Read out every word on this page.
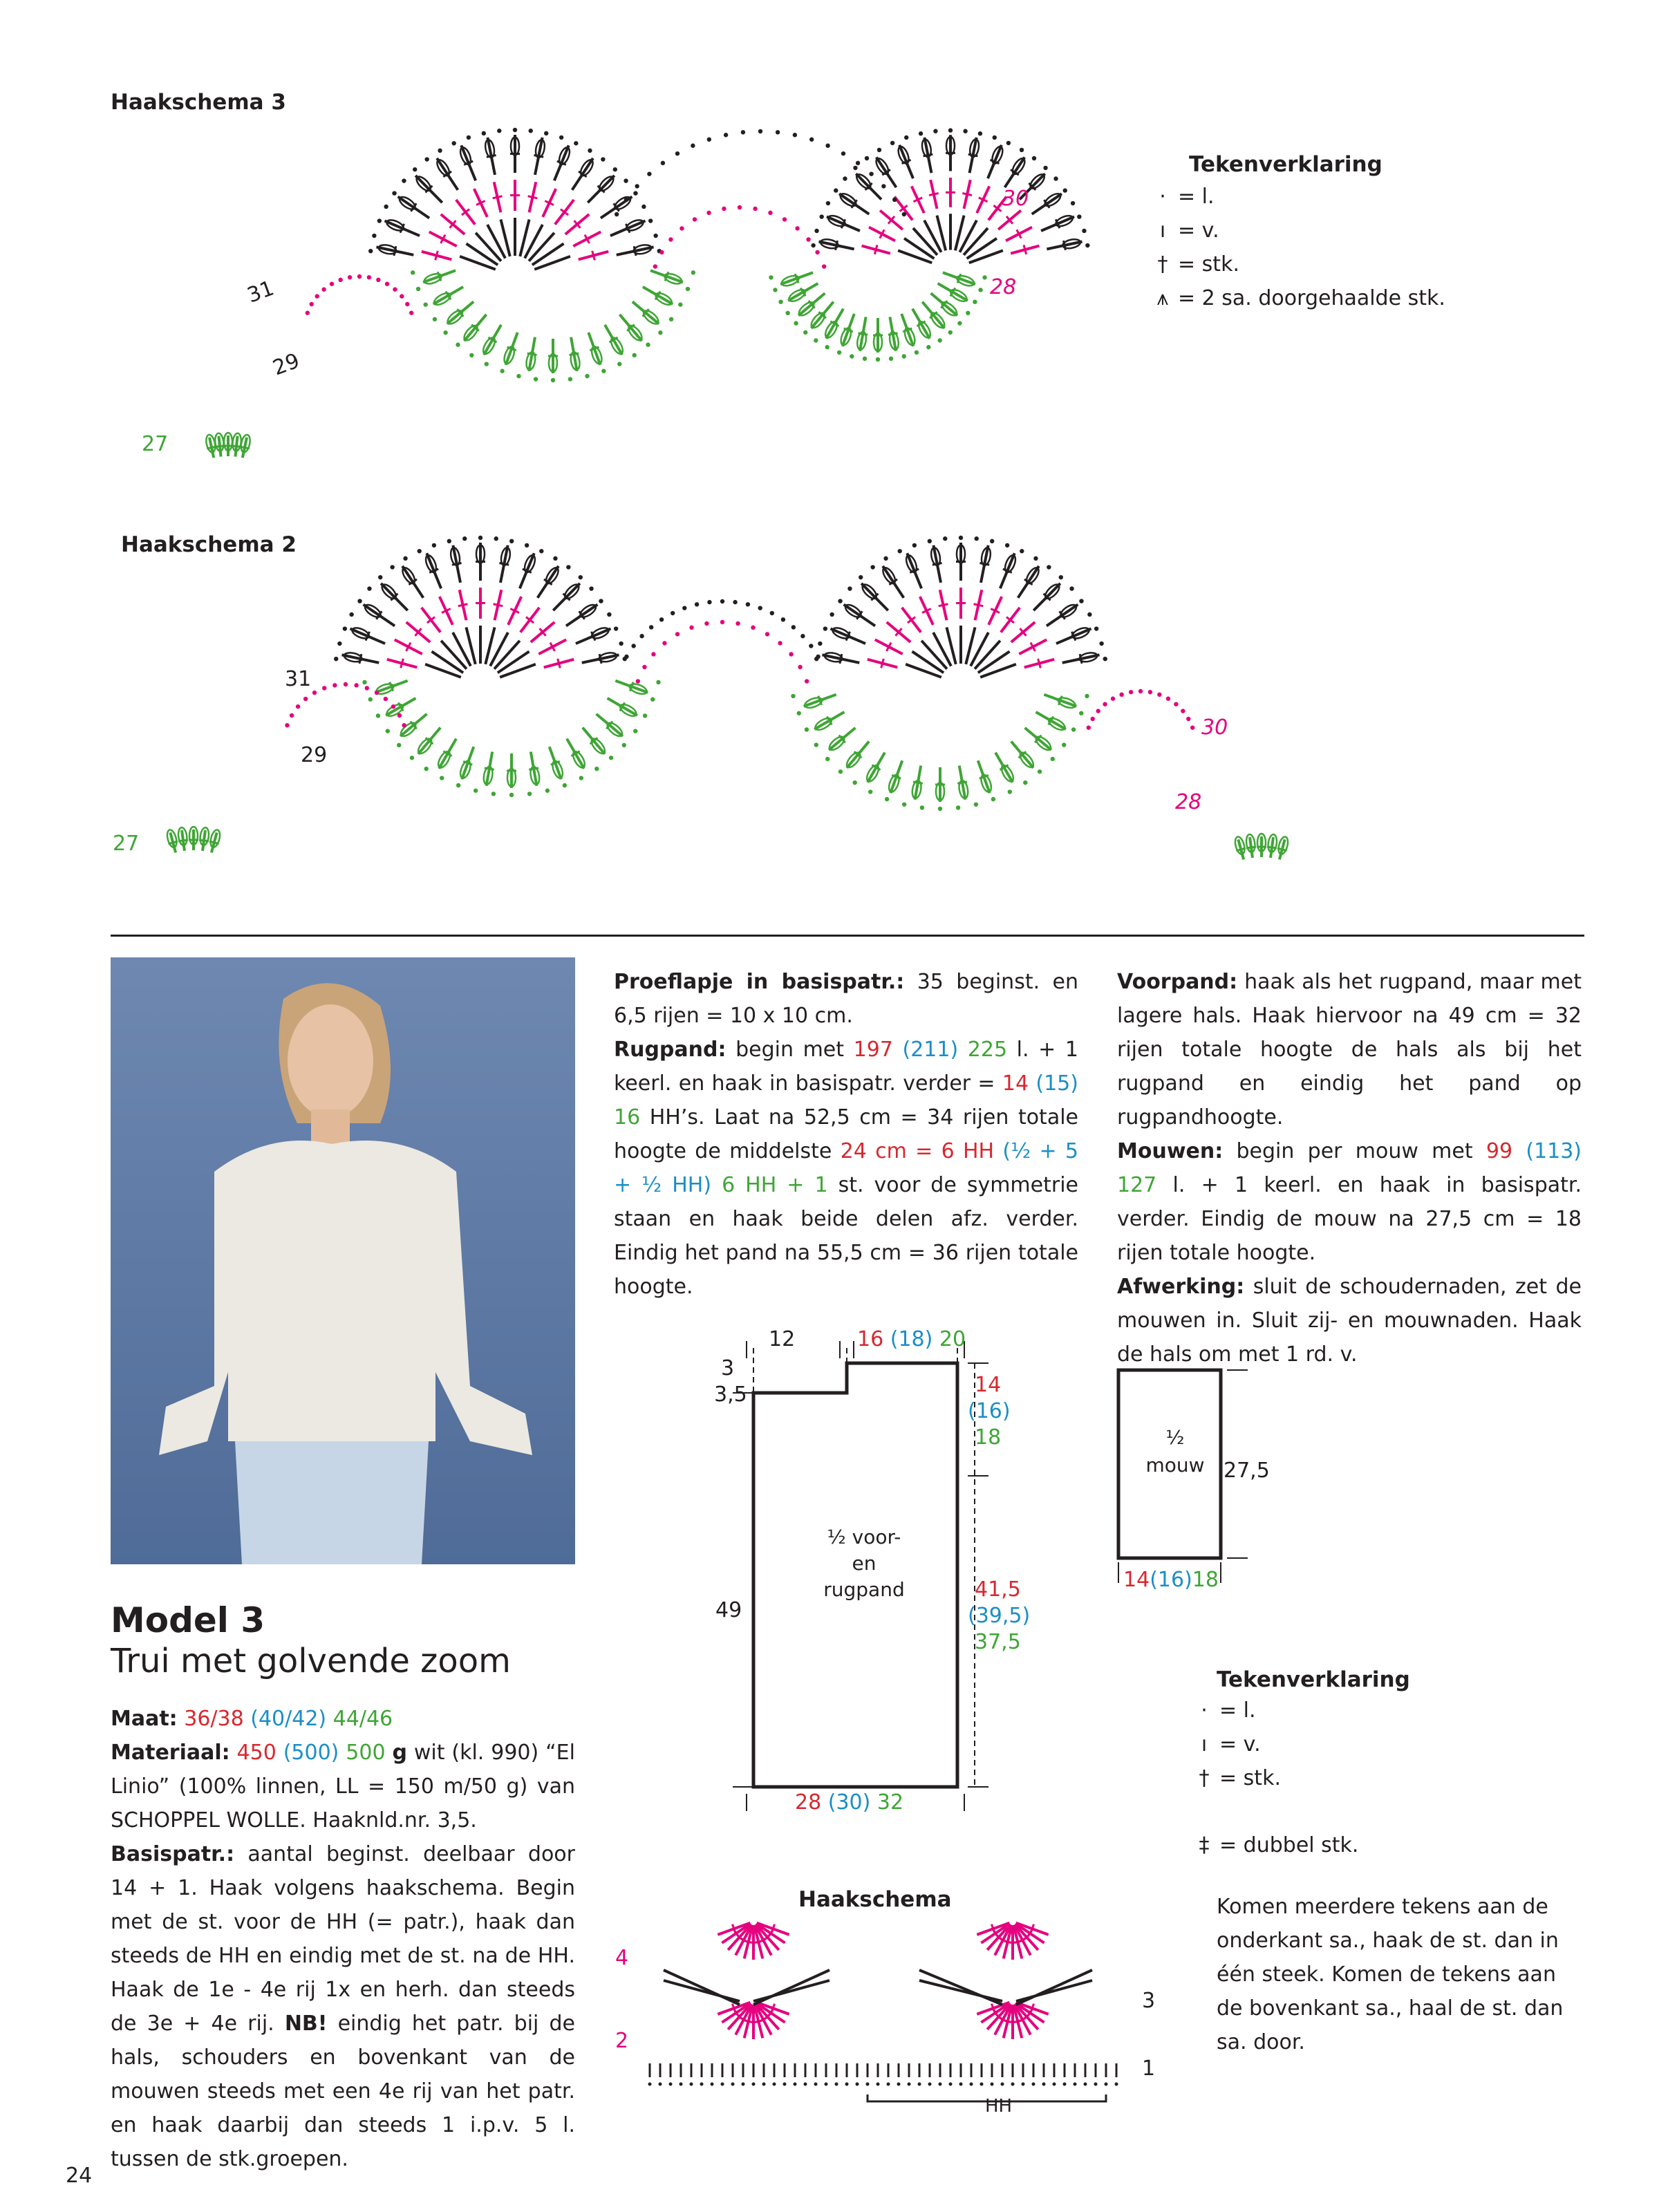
Haakschema 3
27
29
31	28
30
Tekenverklaring
· = l.
ı = v.
† = stk.
⩚ = 2 sa. doorgehaalde stk.
Haakschema 2
27
29
31
28
30
Model 3
Trui met golvende zoom
Maat: 36/38 (40/42) 44/46
Materiaal: 450 (500) 500 g wit (kl. 990) “El Linio” (100% linnen, LL = 150 m/50 g) van SCHOPPEL WOLLE. Haaknld.nr. 3,5.
Basispatr.: aantal beginst. deelbaar door 14 + 1. Haak volgens haakschema. Begin met de st. voor de HH (= patr.), haak dan steeds de HH en eindig met de st. na de HH. Haak de 1e - 4e rij 1x en herh. dan steeds de 3e + 4e rij. NB! eindig het patr. bij de hals, schouders en bovenkant van de mouwen steeds met een 4e rij van het patr. en haak daarbij dan steeds 1 i.p.v. 5 l. tussen de stk.groepen.
Proeflapje in basispatr.: 35 beginst. en 6,5 rijen = 10 x 10 cm.
Rugpand: begin met 197 (211) 225 l. + 1 keerl. en haak in basispatr. verder = 14 (15) 16 HH’s. Laat na 52,5 cm = 34 rijen totale hoogte de middelste 24 cm = 6 HH (½ + 5 + ½ HH) 6 HH + 1 st. voor de symmetrie staan en haak beide delen afz. verder. Eindig het pand na 55,5 cm = 36 rijen totale hoogte.
Voorpand: haak als het rugpand, maar met lagere hals. Haak hiervoor na 49 cm = 32 rijen totale hoogte de hals als bij het rugpand en eindig het pand op rugpandhoogte.
Mouwen: begin per mouw met 99 (113) 127 l. + 1 keerl. en haak in basispatr. verder. Eindig de mouw na 27,5 cm = 18 rijen totale hoogte.
Afwerking: sluit de schoudernaden, zet de mouwen in. Sluit zij- en mouwnaden. Haak de hals om met 1 rd. v.
12	16 (18) 20
3
3,5	14
(16)
18
49
41,5
(39,5)
37,5
28 (30) 32
½ voor-
en
rugpand
½
mouw 27,5
14(16)18
Tekenverklaring
· = l.
ı = v.
† = stk.
‡ = dubbel stk.
Komen meerdere tekens aan de onderkant sa., haak de st. dan in één steek. Komen de tekens aan de bovenkant sa., haal de st. dan sa. door.
Haakschema
4
2
3
1
HH
24
